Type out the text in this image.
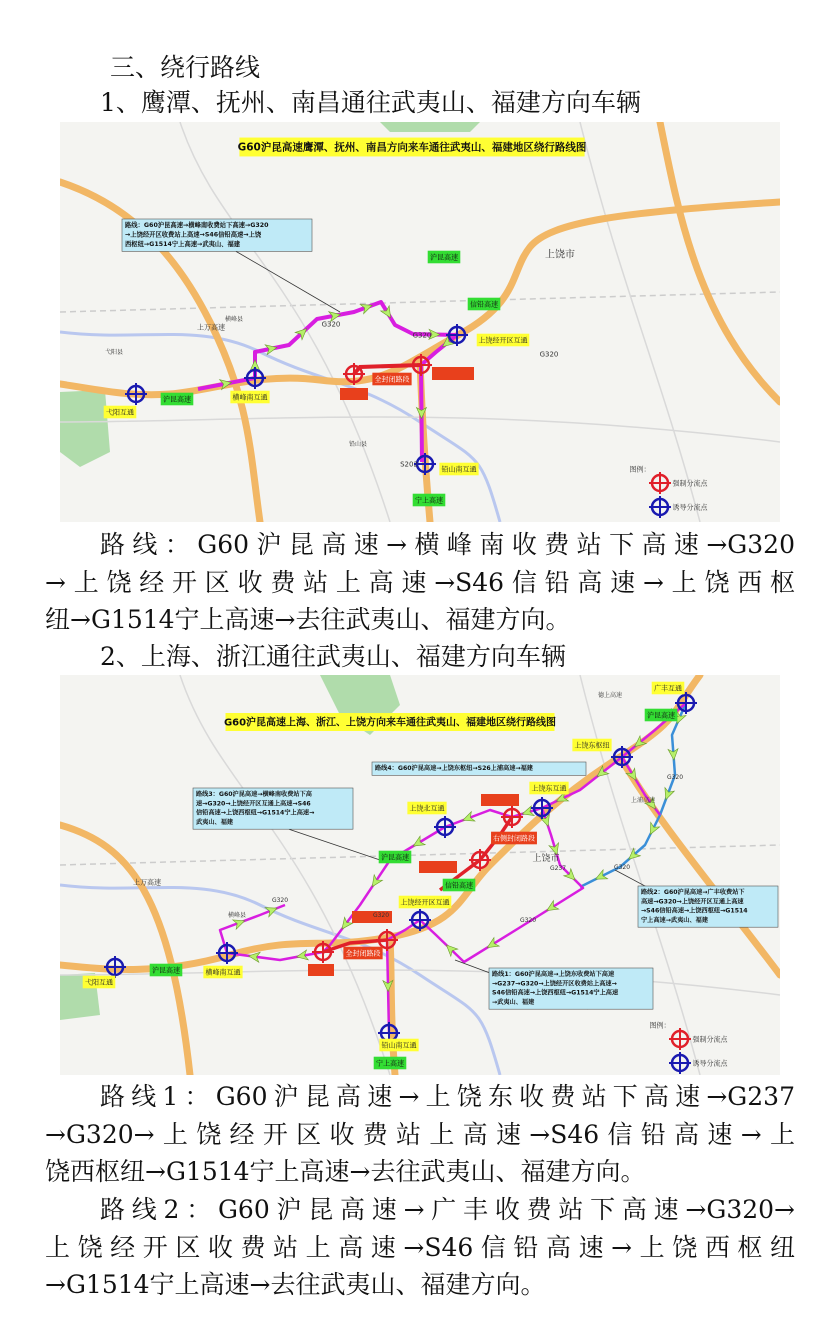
三、绕行路线
1、鹰潭、抚州、南昌通往武夷山、福建方向车辆
G60沪昆高速鹰潭、抚州、南昌方向来车通往武夷山、福建地区绕行路线图
路线：G60沪昆高速→横峰南收费站下高速→G320
→上饶经开区收费站上高速→S46信铅高速→上饶
西枢纽→G1514宁上高速→武夷山、福建
弋阳互通
横峰南互通
上饶经开区互通
铅山南互通
沪昆高速
沪昆高速
信铅高速
宁上高速
全封闭路段
上饶市
上万高速
横峰县
弋阳县
铅山县
G320
G320
G320
S202
图例：
强制分流点
诱导分流点
路线：G60沪昆高速→横峰南收费站下高速→G320
→上饶经开区收费站上高速→S46信铅高速→上饶西枢
纽→G1514宁上高速→去往武夷山、福建方向。
2、上海、浙江通往武夷山、福建方向车辆
G60沪昆高速上海、浙江、上饶方向来车通往武夷山、福建地区绕行路线图
路线4：G60沪昆高速→上饶东枢纽→S26上浦高速→福建
路线3：G60沪昆高速→横峰南收费站下高
速→G320→上饶经开区互通上高速→S46
信铅高速→上饶西枢纽→G1514宁上高速→
武夷山、福建
路线2：G60沪昆高速→广丰收费站下
高速→G320→上饶经开区互通上高速
→S46信铅高速→上饶西枢纽→G1514
宁上高速→武夷山、福建
路线1：G60沪昆高速→上饶东收费站下高速
→G237→G320→上饶经开区收费站上高速→
S46信铅高速→上饶西枢纽→G1514宁上高速
→武夷山、福建
广丰互通
上饶东枢纽
上饶东互通
上饶北互通
上饶经开区互通
横峰南互通
弋阳互通
铅山南互通
沪昆高速
沪昆高速
信铅高速
沪昆高速
宁上高速
右侧封闭路段
全封闭路段
上万高速
横峰县
上饶市
上浦高速
德上高速
G320
G320
G237	G320
G320
G320
图例：
强制分流点
诱导分流点
路线1：G60沪昆高速→上饶东收费站下高速→G237
→G320→上饶经开区收费站上高速→S46信铅高速→上
饶西枢纽→G1514宁上高速→去往武夷山、福建方向。
路线2：G60沪昆高速→广丰收费站下高速→G320→
上饶经开区收费站上高速→S46信铅高速→上饶西枢纽
→G1514宁上高速→去往武夷山、福建方向。
